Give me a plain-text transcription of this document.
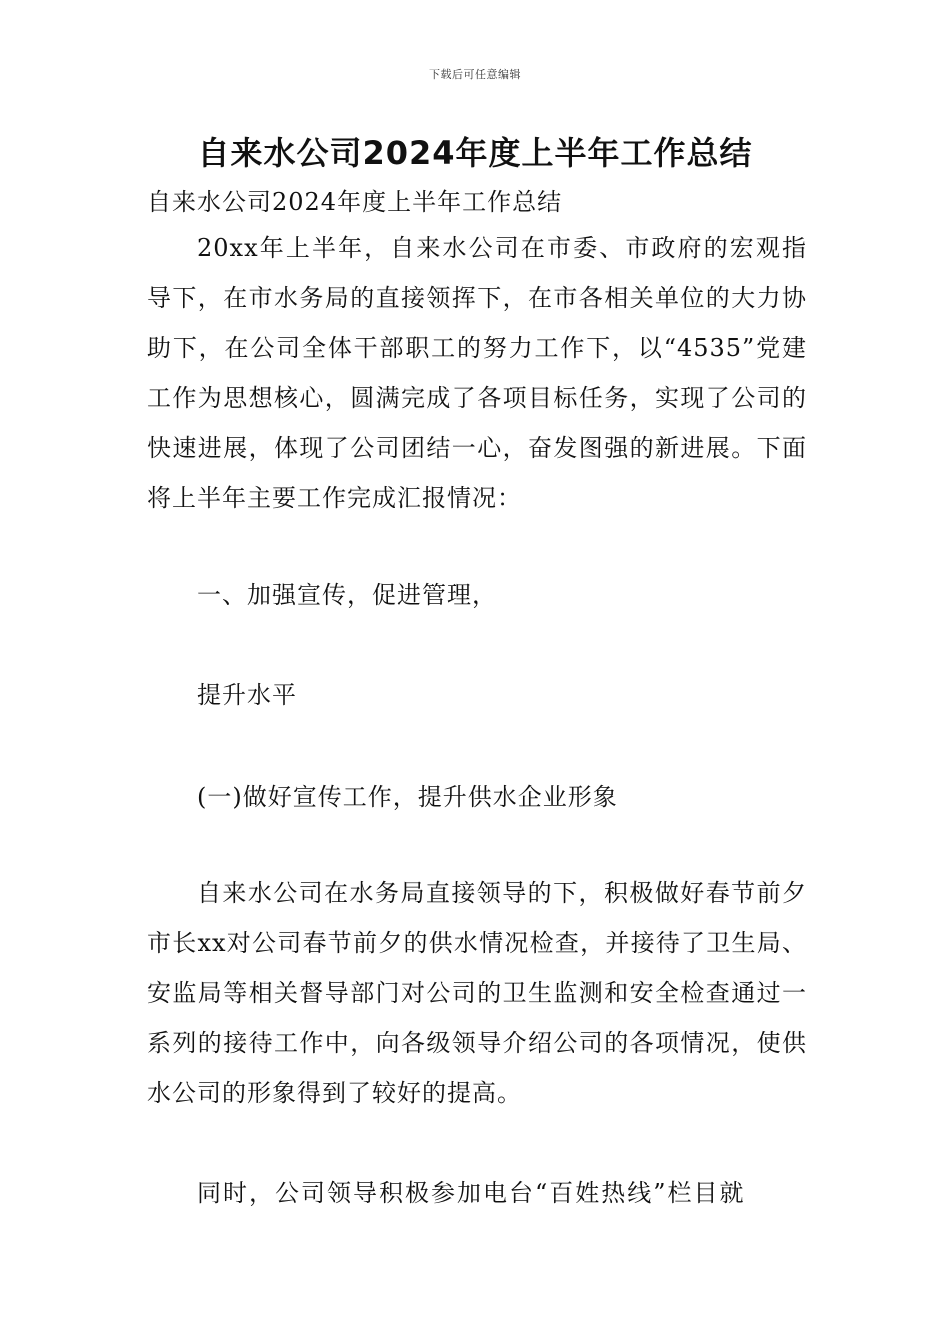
下载后可任意编辑
自来水公司2024年度上半年工作总结

自来水公司2024年度上半年工作总结

20xx年上半年，自来水公司在市委、市政府的宏观指导下，在市水务局的直接领挥下，在市各相关单位的大力协助下，在公司全体干部职工的努力工作下，以“4535”党建工作为思想核心，圆满完成了各项目标任务，实现了公司的快速进展，体现了公司团结一心，奋发图强的新进展。下面将上半年主要工作完成汇报情况：

一、加强宣传，促进管理，

提升水平

(一)做好宣传工作，提升供水企业形象

自来水公司在水务局直接领导的下，积极做好春节前夕市长xx对公司春节前夕的供水情况检查，并接待了卫生局、安监局等相关督导部门对公司的卫生监测和安全检查通过一系列的接待工作中，向各级领导介绍公司的各项情况，使供水公司的形象得到了较好的提高。

同时，公司领导积极参加电台“百姓热线”栏目就
